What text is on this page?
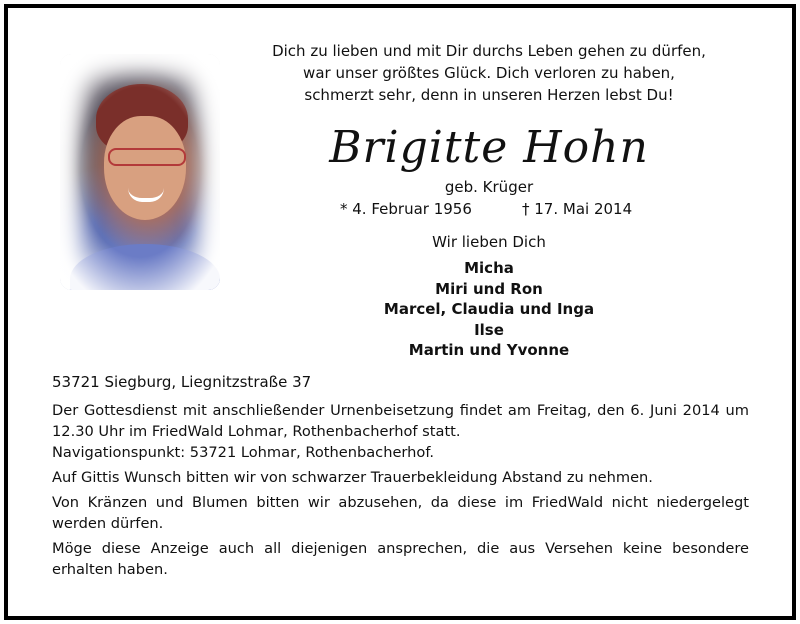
Dich zu lieben und mit Dir durchs Leben gehen zu dürfen,
war unser größtes Glück. Dich verloren zu haben,
schmerzt sehr, denn in unseren Herzen lebst Du!
Brigitte Hohn
geb. Krüger
* 4. Februar 1956	† 17. Mai 2014
Wir lieben Dich
Micha
Miri und Ron
Marcel, Claudia und Inga
Ilse
Martin und Yvonne
53721 Siegburg, Liegnitzstraße 37

Der Gottesdienst mit anschließender Urnenbeisetzung findet am Freitag, den 6. Juni 2014 um 12.30 Uhr im FriedWald Lohmar, Rothenbacherhof statt.
Navigationspunkt: 53721 Lohmar, Rothenbacherhof.

Auf Gittis Wunsch bitten wir von schwarzer Trauerbekleidung Abstand zu nehmen.

Von Kränzen und Blumen bitten wir abzusehen, da diese im FriedWald nicht niedergelegt werden dürfen.

Möge diese Anzeige auch all diejenigen ansprechen, die aus Versehen keine besondere erhalten haben.
